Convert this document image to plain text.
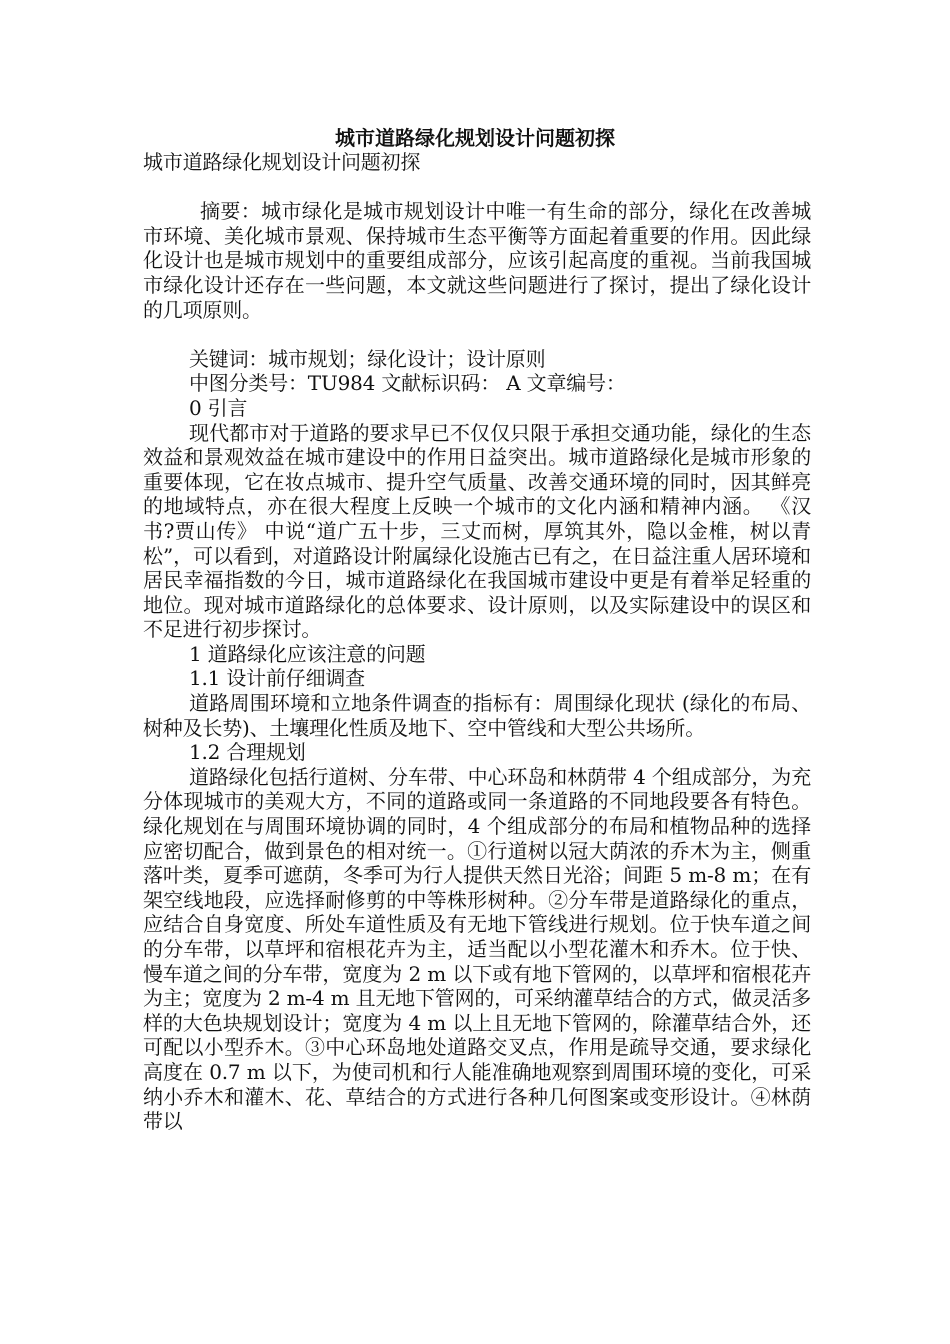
城市道路绿化规划设计问题初探

城市道路绿化规划设计问题初探

摘要：城市绿化是城市规划设计中唯一有生命的部分，绿化在改善城市环境、美化城市景观、保持城市生态平衡等方面起着重要的作用。因此绿化设计也是城市规划中的重要组成部分，应该引起高度的重视。当前我国城市绿化设计还存在一些问题，本文就这些问题进行了探讨，提出了绿化设计的几项原则。

关键词：城市规划；绿化设计；设计原则

中图分类号：TU984 文献标识码： A 文章编号：

0 引言

现代都市对于道路的要求早已不仅仅只限于承担交通功能，绿化的生态效益和景观效益在城市建设中的作用日益突出。城市道路绿化是城市形象的重要体现，它在妆点城市、提升空气质量、改善交通环境的同时，因其鲜亮的地域特点，亦在很大程度上反映一个城市的文化内涵和精神内涵。 《汉书?贾山传》 中说“道广五十步，三丈而树，厚筑其外，隐以金椎，树以青松”，可以看到，对道路设计附属绿化设施古已有之，在日益注重人居环境和居民幸福指数的今日，城市道路绿化在我国城市建设中更是有着举足轻重的地位。现对城市道路绿化的总体要求、设计原则，以及实际建设中的误区和不足进行初步探讨。

1 道路绿化应该注意的问题

1.1 设计前仔细调查

道路周围环境和立地条件调查的指标有：周围绿化现状 (绿化的布局、树种及长势)、土壤理化性质及地下、空中管线和大型公共场所。

1.2 合理规划

道路绿化包括行道树、分车带、中心环岛和林荫带 4 个组成部分，为充分体现城市的美观大方，不同的道路或同一条道路的不同地段要各有特色。绿化规划在与周围环境协调的同时，4 个组成部分的布局和植物品种的选择应密切配合，做到景色的相对统一。①行道树以冠大荫浓的乔木为主，侧重落叶类，夏季可遮荫，冬季可为行人提供天然日光浴；间距 5 m-8 m；在有架空线地段，应选择耐修剪的中等株形树种。②分车带是道路绿化的重点，应结合自身宽度、所处车道性质及有无地下管线进行规划。位于快车道之间的分车带，以草坪和宿根花卉为主，适当配以小型花灌木和乔木。位于快、慢车道之间的分车带，宽度为 2 m 以下或有地下管网的，以草坪和宿根花卉为主；宽度为 2 m-4 m 且无地下管网的，可采纳灌草结合的方式，做灵活多样的大色块规划设计；宽度为 4 m 以上且无地下管网的，除灌草结合外，还可配以小型乔木。③中心环岛地处道路交叉点，作用是疏导交通，要求绿化高度在 0.7 m 以下，为使司机和行人能准确地观察到周围环境的变化，可采纳小乔木和灌木、花、草结合的方式进行各种几何图案或变形设计。④林荫带以
